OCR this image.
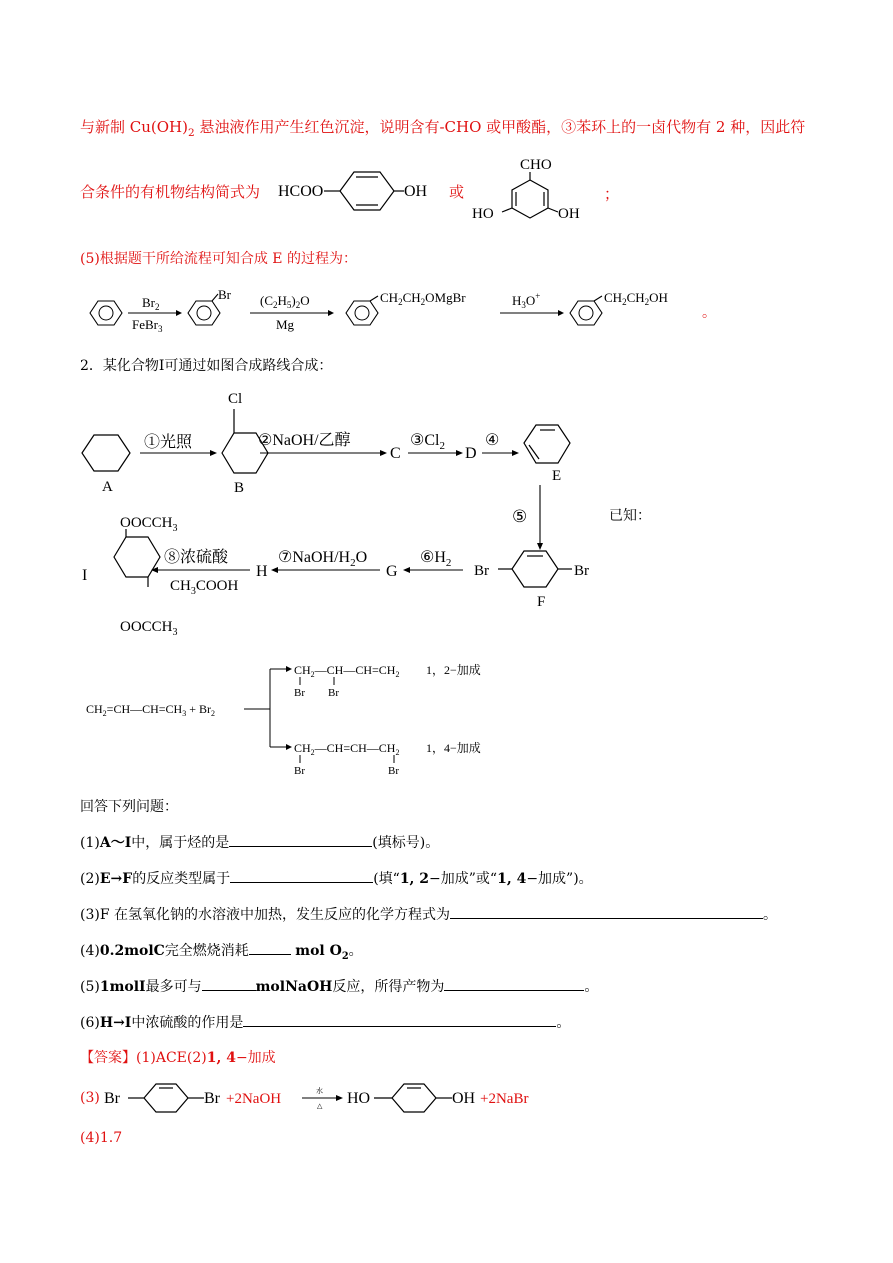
与新制 $Cu(OH)_2$ 悬浊液作用产生红色沉淀，说明含有-CHO 或甲酸酯，③苯环上的一卤代物有 2 种，因此符
合条件的有机物结构简式为 HCOO	OH 或
CHO
HO	OH
；
(5)根据题干所给流程可知合成 E 的过程为：
$Br_2$
FeBr$_3$
Br $(C_2H_5)_2O$
Mg
$CH_2CH_2OMgBr$	$H_3O^+$	$CH_2CH_2OH$
。
2．某化合物I可通过如图合成路线合成：
A
①光照
Cl
B
②NaOH/乙醇
C
$③Cl_2$ D
④
E
⑤
Br	Br
F
$⑥H_2$
G
⑦NaOH/$H_2O$
H
⑧浓硫酸
$CH_3COOH$
I
$OOCCH_3$
$OOCCH_3$
已知：
$CH_2=CH—CH=CH_3 + Br_2$
$CH_2—CH—CH=CH_2$
Br Br
1，2−加成
$CH_2—CH=CH—CH_2$
Br	Br
1，4−加成
回答下列问题：
(1)A～I中，属于烃的是	(填标号)。
(2)E→F的反应类型属于	(填“1, 2−加成”或“1, 4−加成”)。
(3)F 在氢氧化钠的水溶液中加热，发生反应的化学方程式为	。
(4)0.2molC完全燃烧消耗	mol $O_2$。
(5)1molI最多可与	molNaOH反应，所得产物为	。
(6)H→I中浓硫酸的作用是	。
【答案】(1)ACE(2)1, 4−加成
(3) Br	Br +2NaOH	水
△ HO	OH +2NaBr
(4)1.7
